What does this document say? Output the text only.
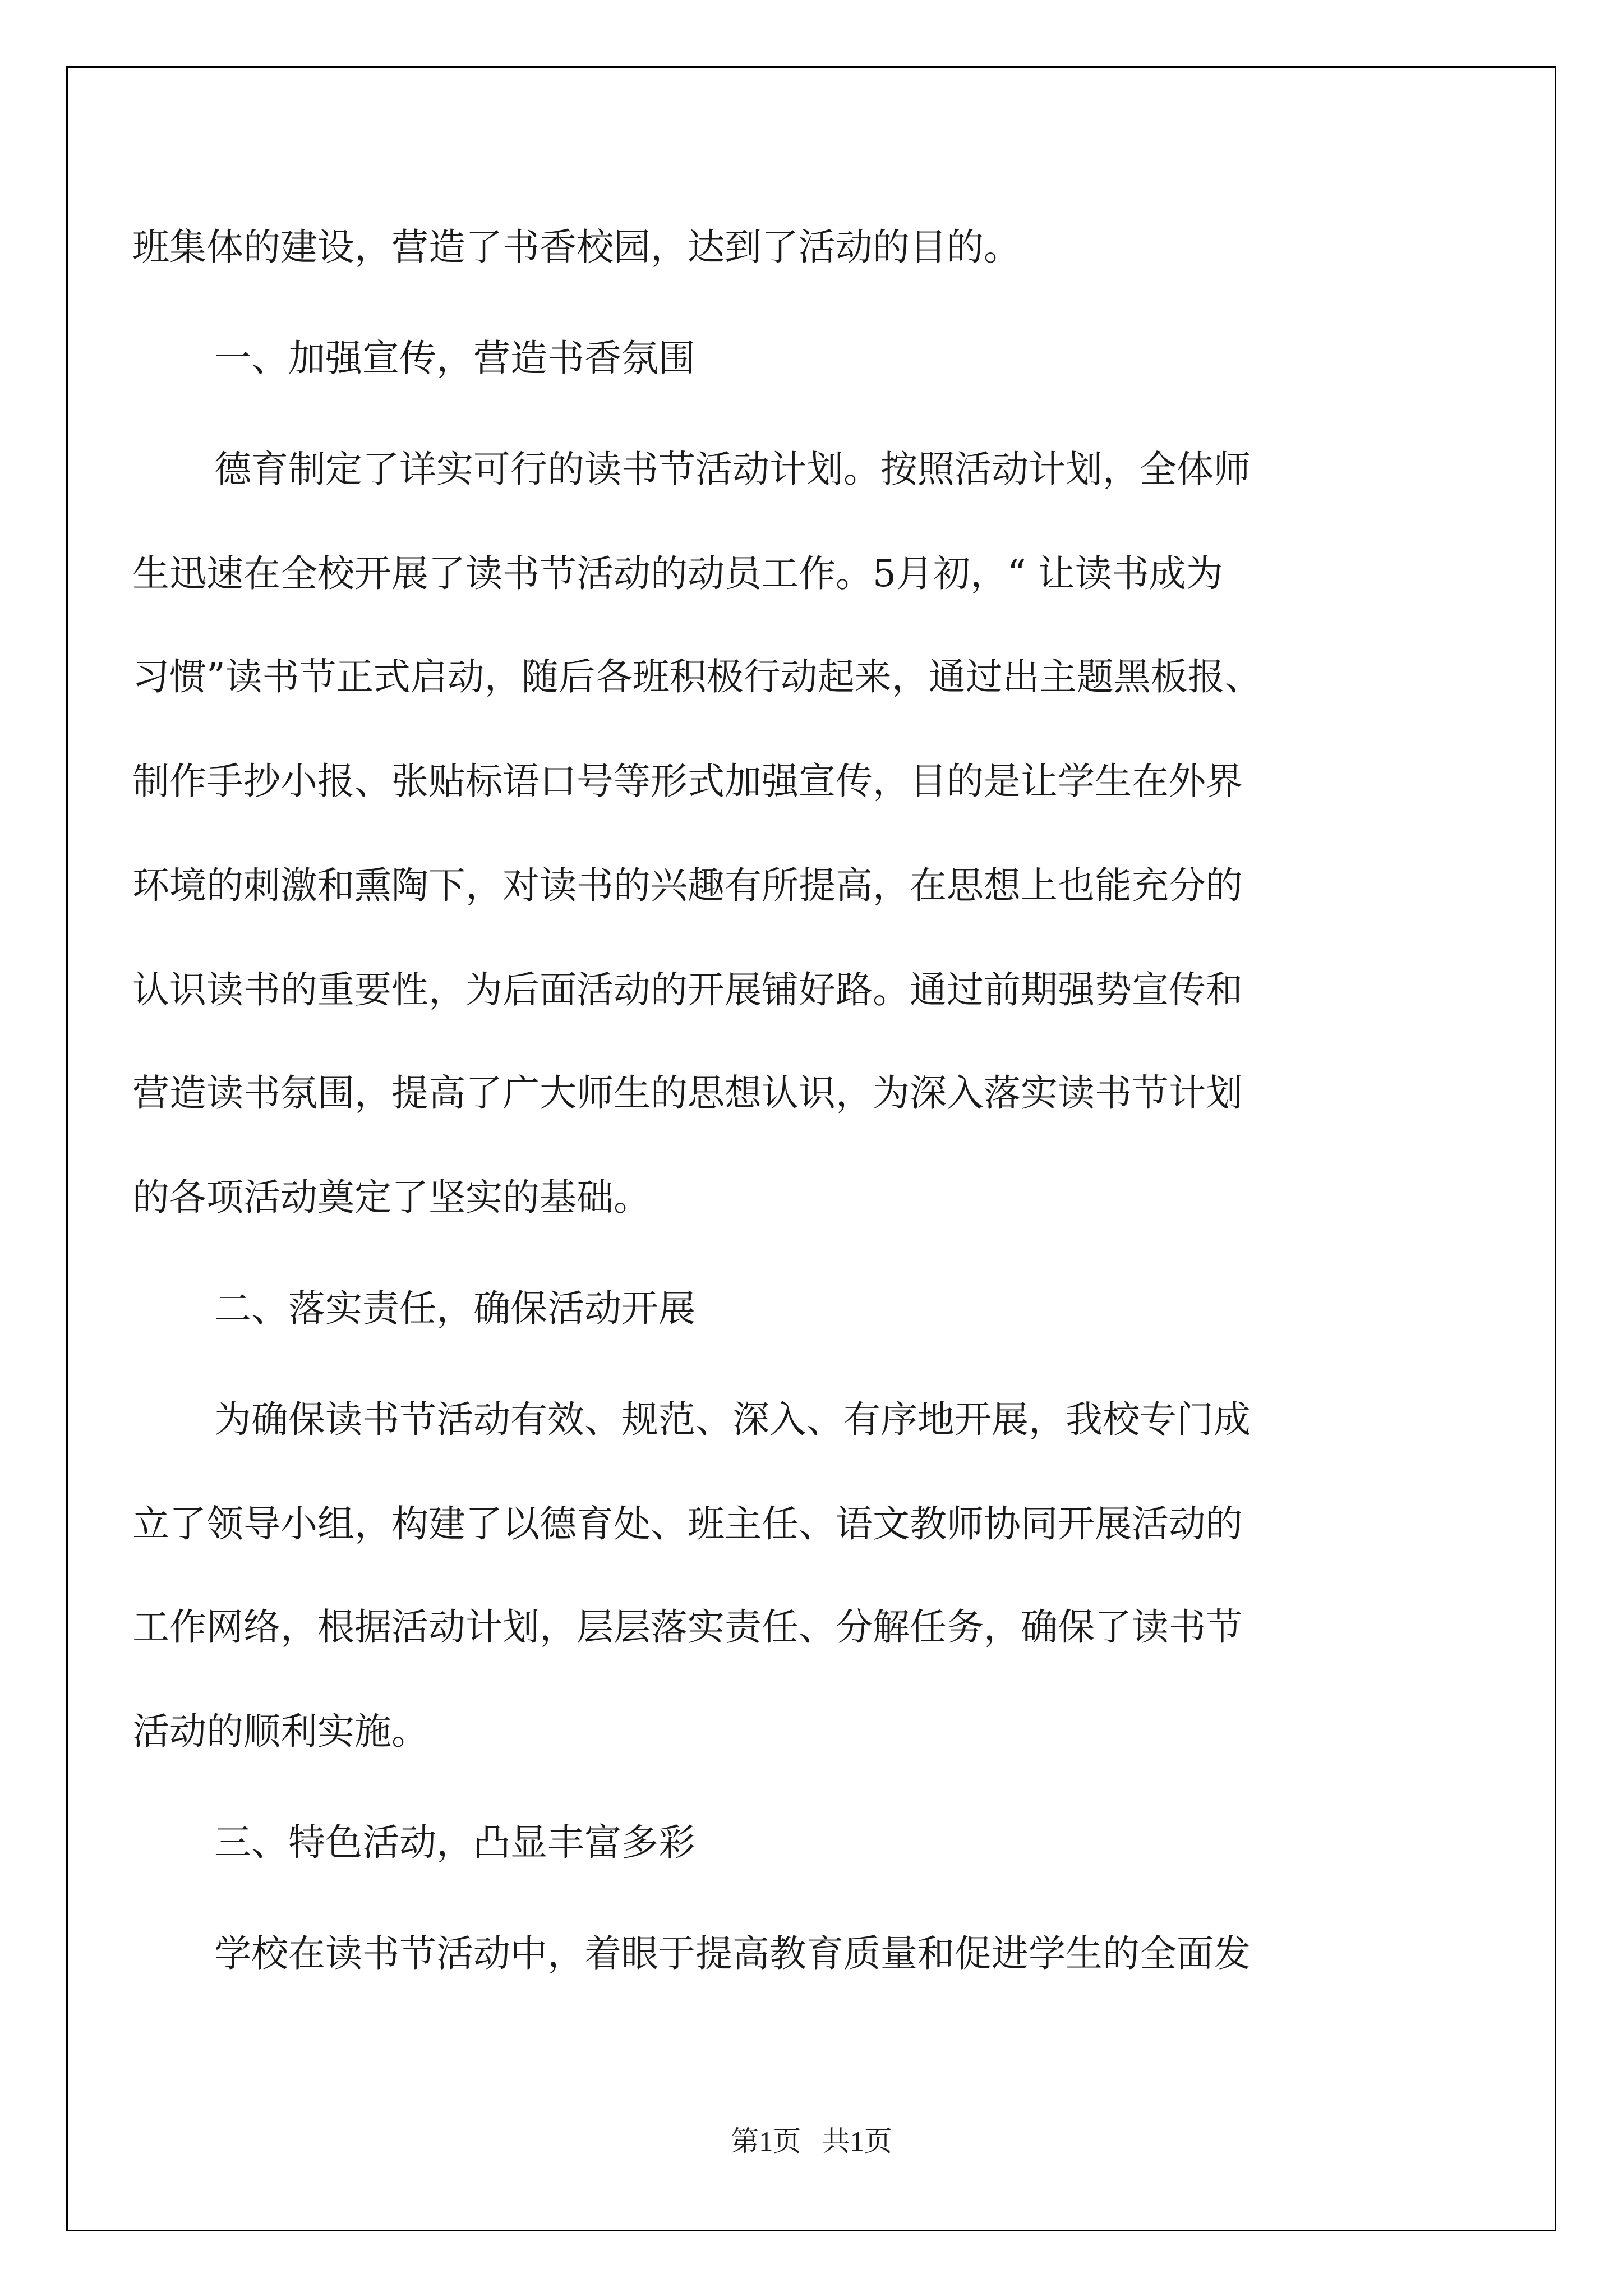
班集体的建设，营造了书香校园，达到了活动的目的。
一、加强宣传，营造书香氛围
德育制定了详实可行的读书节活动计划。按照活动计划，全体师
生迅速在全校开展了读书节活动的动员工作。5月初，“ 让读书成为
习惯”读书节正式启动，随后各班积极行动起来，通过出主题黑板报、
制作手抄小报、张贴标语口号等形式加强宣传，目的是让学生在外界
环境的刺激和熏陶下，对读书的兴趣有所提高，在思想上也能充分的
认识读书的重要性，为后面活动的开展铺好路。通过前期强势宣传和
营造读书氛围，提高了广大师生的思想认识，为深入落实读书节计划
的各项活动奠定了坚实的基础。
二、落实责任，确保活动开展
为确保读书节活动有效、规范、深入、有序地开展，我校专门成
立了领导小组，构建了以德育处、班主任、语文教师协同开展活动的
工作网络，根据活动计划，层层落实责任、分解任务，确保了读书节
活动的顺利实施。
三、特色活动，凸显丰富多彩
学校在读书节活动中，着眼于提高教育质量和促进学生的全面发
第1页   共1页
